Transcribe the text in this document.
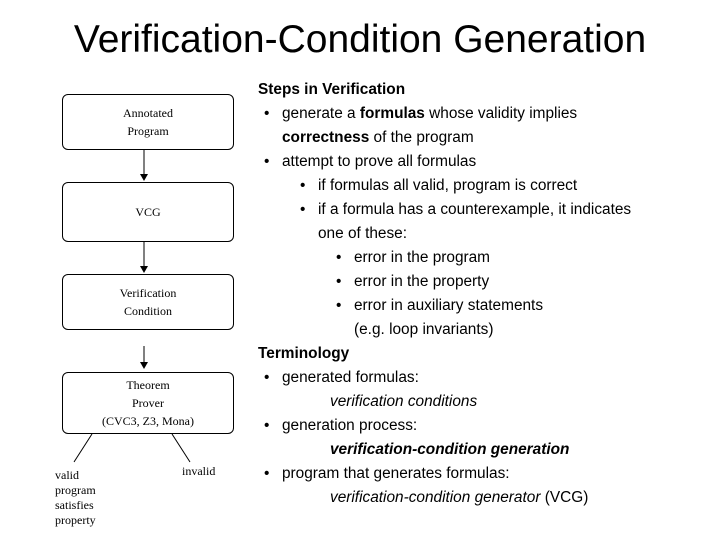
Verification-Condition Generation
Annotated
Program
VCG
Verification
Condition
Theorem
Prover
(CVC3, Z3, Mona)
valid
program
satisfies
property
invalid
Steps in Verification
• generate a formulas whose validity implies
correctness of the program
• attempt to prove all formulas
• if formulas all valid, program is correct
• if a formula has a counterexample, it indicates
one of these:
• error in the program
• error in the property
• error in auxiliary statements
(e.g. loop invariants)
Terminology
• generated formulas:
verification conditions
• generation process:
verification-condition generation
• program that generates formulas:
verification-condition generator (VCG)
